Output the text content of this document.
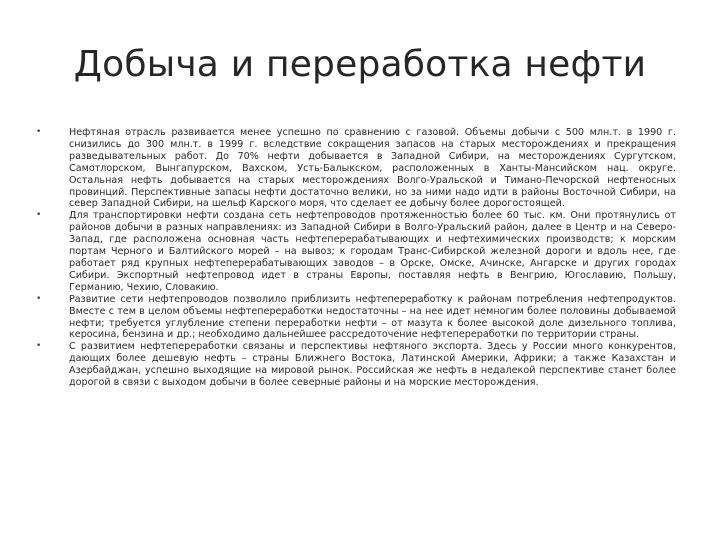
Добыча и переработка нефти
•	Нефтяная отрасль развивается менее успешно по сравнению с газовой. Объемы добычи с 500 млн.т. в 1990 г. снизились до 300 млн.т. в 1999 г. вследствие сокращения запасов на старых месторождениях и прекращения разведывательных работ. До 70% нефти добывается в Западной Сибири, на месторождениях Сургутском, Самотлорском, Вынгапурском, Вахском, Усть-Балыкском, расположенных в Ханты-Мансийском нац. округе. Остальная нефть добывается на старых месторождениях Волго-Уральской и Тимано-Печорской нефтеносных провинций. Перспективные запасы нефти достаточно велики, но за ними надо идти в районы Восточной Сибири, на север Западной Сибири, на шельф Карского моря, что сделает ее добычу более дорогостоящей.
•	Для транспортировки нефти создана сеть нефтепроводов протяженностью более 60 тыс. км. Они протянулись от районов добычи в разных направлениях: из Западной Сибири в Волго-Уральский район, далее в Центр и на Северо-Запад, где расположена основная часть нефтеперерабатывающих и нефтехимических производств; к морским портам Черного и Балтийского морей – на вывоз; к городам Транс-Сибирской железной дороги и вдоль нее, где работает ряд крупных нефтеперерабатывающих заводов – в Орске, Омске, Ачинске, Ангарске и других городах Сибири. Экспортный нефтепровод идет в страны Европы, поставляя нефть в Венгрию, Югославию, Польшу, Германию, Чехию, Словакию.
•	Развитие сети нефтепроводов позволило приблизить нефтепереработку к районам потребления нефтепродуктов. Вместе с тем в целом объемы нефтепереработки недостаточны – на нее идет немногим более половины добываемой нефти; требуется углубление степени переработки нефти – от мазута к более высокой доле дизельного топлива, керосина, бензина и др.; необходимо дальнейшее рассредоточение нефтепереработки по территории страны.
•	С развитием нефтепереработки связаны и перспективы нефтяного экспорта. Здесь у России много конкурентов, дающих более дешевую нефть – страны Ближнего Востока, Латинской Америки, Африки; а также Казахстан и Азербайджан, успешно выходящие на мировой рынок. Российская же нефть в недалекой перспективе станет более дорогой в связи с выходом добычи в более северные районы и на морские месторождения.
